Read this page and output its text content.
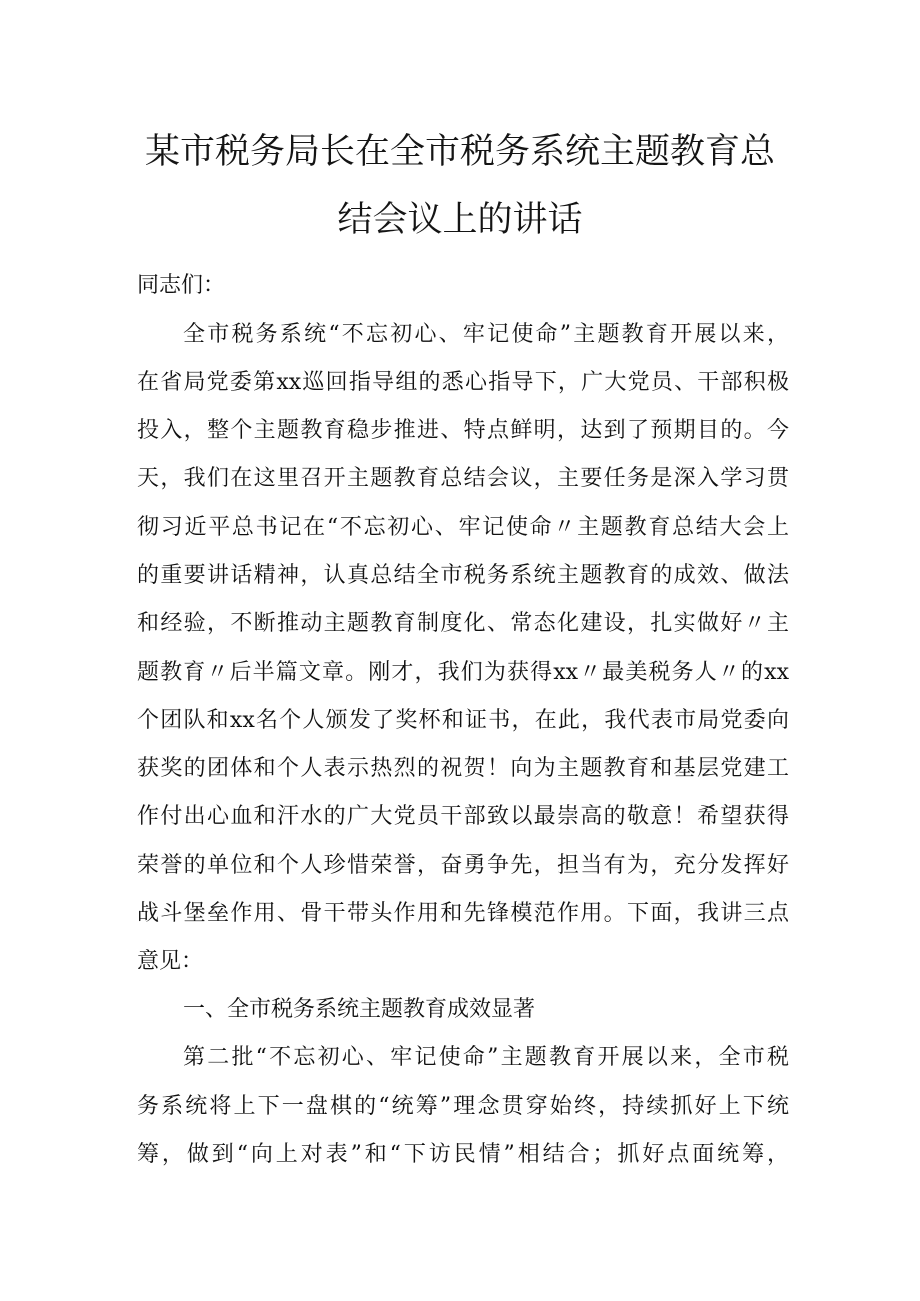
某市税务局长在全市税务系统主题教育总
结会议上的讲话
同志们：
全市税务系统“不忘初心、牢记使命”主题教育开展以来，
在省局党委第xx巡回指导组的悉心指导下，广大党员、干部积极
投入，整个主题教育稳步推进、特点鲜明，达到了预期目的。今
天，我们在这里召开主题教育总结会议，主要任务是深入学习贯
彻习近平总书记在“不忘初心、牢记使命〃主题教育总结大会上
的重要讲话精神，认真总结全市税务系统主题教育的成效、做法
和经验，不断推动主题教育制度化、常态化建设，扎实做好〃主
题教育〃后半篇文章。刚才，我们为获得xx〃最美税务人〃的xx
个团队和xx名个人颁发了奖杯和证书，在此，我代表市局党委向
获奖的团体和个人表示热烈的祝贺！向为主题教育和基层党建工
作付出心血和汗水的广大党员干部致以最崇高的敬意！希望获得
荣誉的单位和个人珍惜荣誉，奋勇争先，担当有为，充分发挥好
战斗堡垒作用、骨干带头作用和先锋模范作用。下面，我讲三点
意见：
一、全市税务系统主题教育成效显著
第二批“不忘初心、牢记使命”主题教育开展以来，全市税
务系统将上下一盘棋的“统筹”理念贯穿始终，持续抓好上下统
筹，做到“向上对表”和“下访民情”相结合；抓好点面统筹，
